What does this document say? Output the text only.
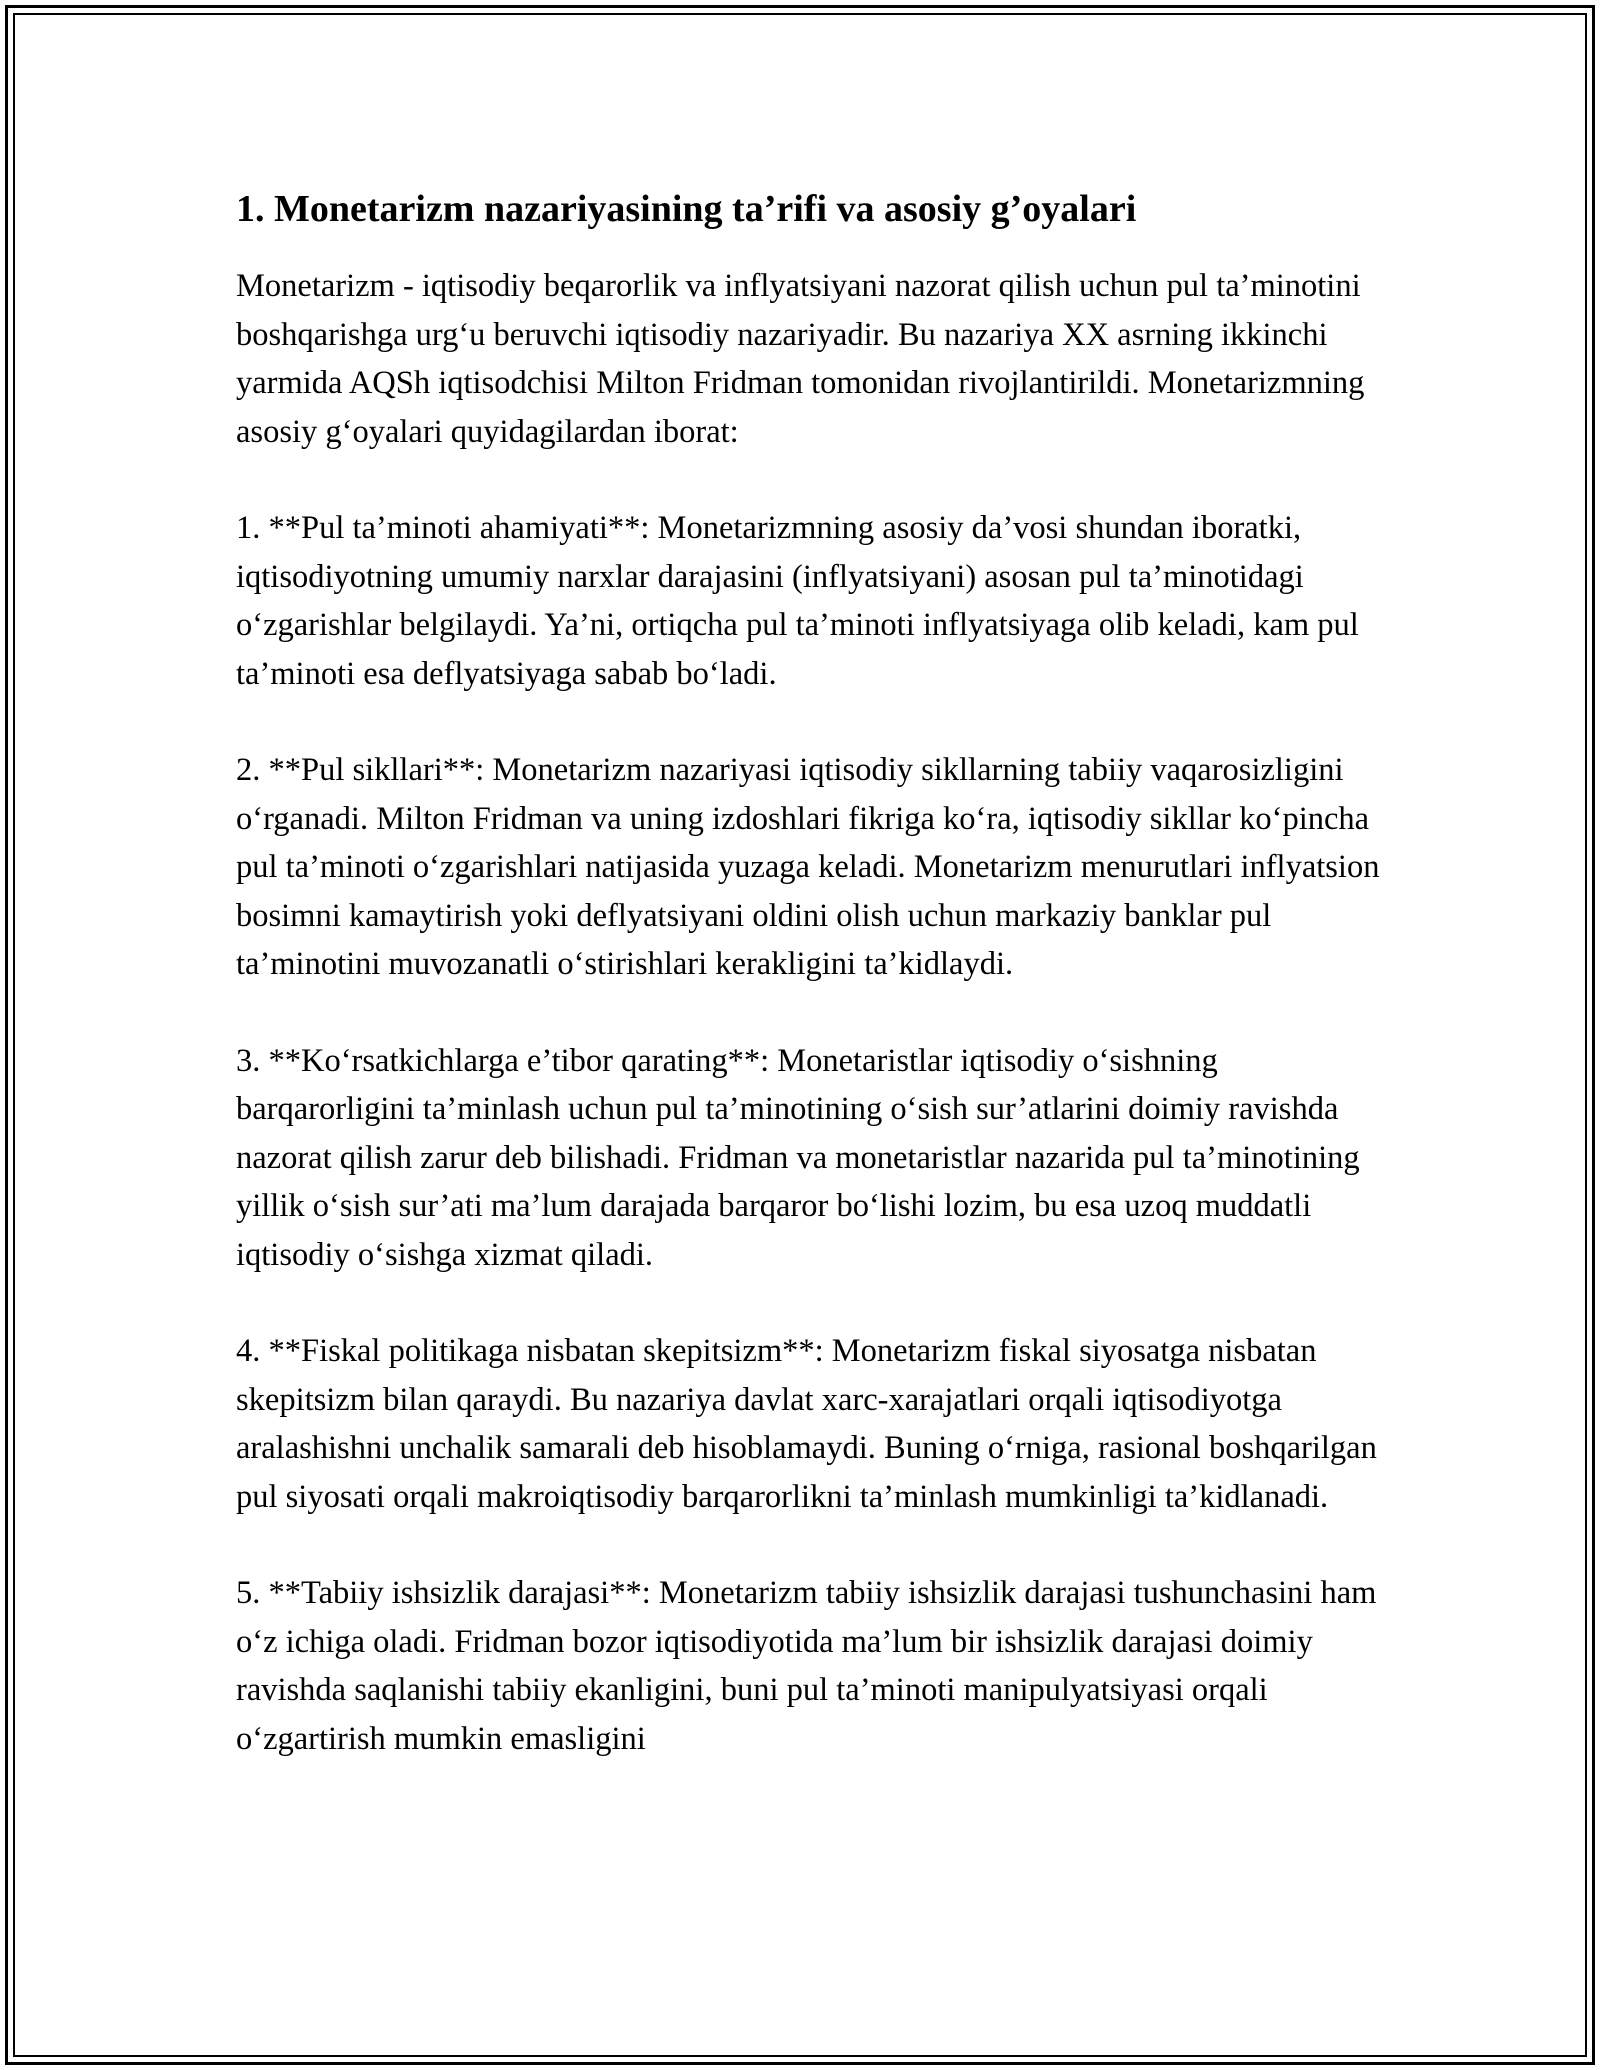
1. Monetarizm nazariyasining ta’rifi va asosiy g’oyalari

Monetarizm - iqtisodiy beqarorlik va inflyatsiyani nazorat qilish uchun pul ta’minotini boshqarishga urg‘u beruvchi iqtisodiy nazariyadir. Bu nazariya XX asrning ikkinchi yarmida AQSh iqtisodchisi Milton Fridman tomonidan rivojlantirildi. Monetarizmning asosiy g‘oyalari quyidagilardan iborat:

1. **Pul ta’minoti ahamiyati**: Monetarizmning asosiy da’vosi shundan iboratki, iqtisodiyotning umumiy narxlar darajasini (inflyatsiyani) asosan pul ta’minotidagi o‘zgarishlar belgilaydi. Ya’ni, ortiqcha pul ta’minoti inflyatsiyaga olib keladi, kam pul ta’minoti esa deflyatsiyaga sabab bo‘ladi.

2. **Pul sikllari**: Monetarizm nazariyasi iqtisodiy sikllarning tabiiy vaqarosizligini o‘rganadi. Milton Fridman va uning izdoshlari fikriga ko‘ra, iqtisodiy sikllar ko‘pincha pul ta’minoti o‘zgarishlari natijasida yuzaga keladi. Monetarizm menurutlari inflyatsion bosimni kamaytirish yoki deflyatsiyani oldini olish uchun markaziy banklar pul ta’minotini muvozanatli o‘stirishlari kerakligini ta’kidlaydi.

3. **Ko‘rsatkichlarga e’tibor qarating**: Monetaristlar iqtisodiy o‘sishning barqarorligini ta’minlash uchun pul ta’minotining o‘sish sur’atlarini doimiy ravishda nazorat qilish zarur deb bilishadi. Fridman va monetaristlar nazarida pul ta’minotining yillik o‘sish sur’ati ma’lum darajada barqaror bo‘lishi lozim, bu esa uzoq muddatli iqtisodiy o‘sishga xizmat qiladi.

4. **Fiskal politikaga nisbatan skepitsizm**: Monetarizm fiskal siyosatga nisbatan skepitsizm bilan qaraydi. Bu nazariya davlat xarc-xarajatlari orqali iqtisodiyotga aralashishni unchalik samarali deb hisoblamaydi. Buning o‘rniga, rasional boshqarilgan pul siyosati orqali makroiqtisodiy barqarorlikni ta’minlash mumkinligi ta’kidlanadi.

5. **Tabiiy ishsizlik darajasi**: Monetarizm tabiiy ishsizlik darajasi tushunchasini ham o‘z ichiga oladi. Fridman bozor iqtisodiyotida ma’lum bir ishsizlik darajasi doimiy ravishda saqlanishi tabiiy ekanligini, buni pul ta’minoti manipulyatsiyasi orqali o‘zgartirish mumkin emasligini
